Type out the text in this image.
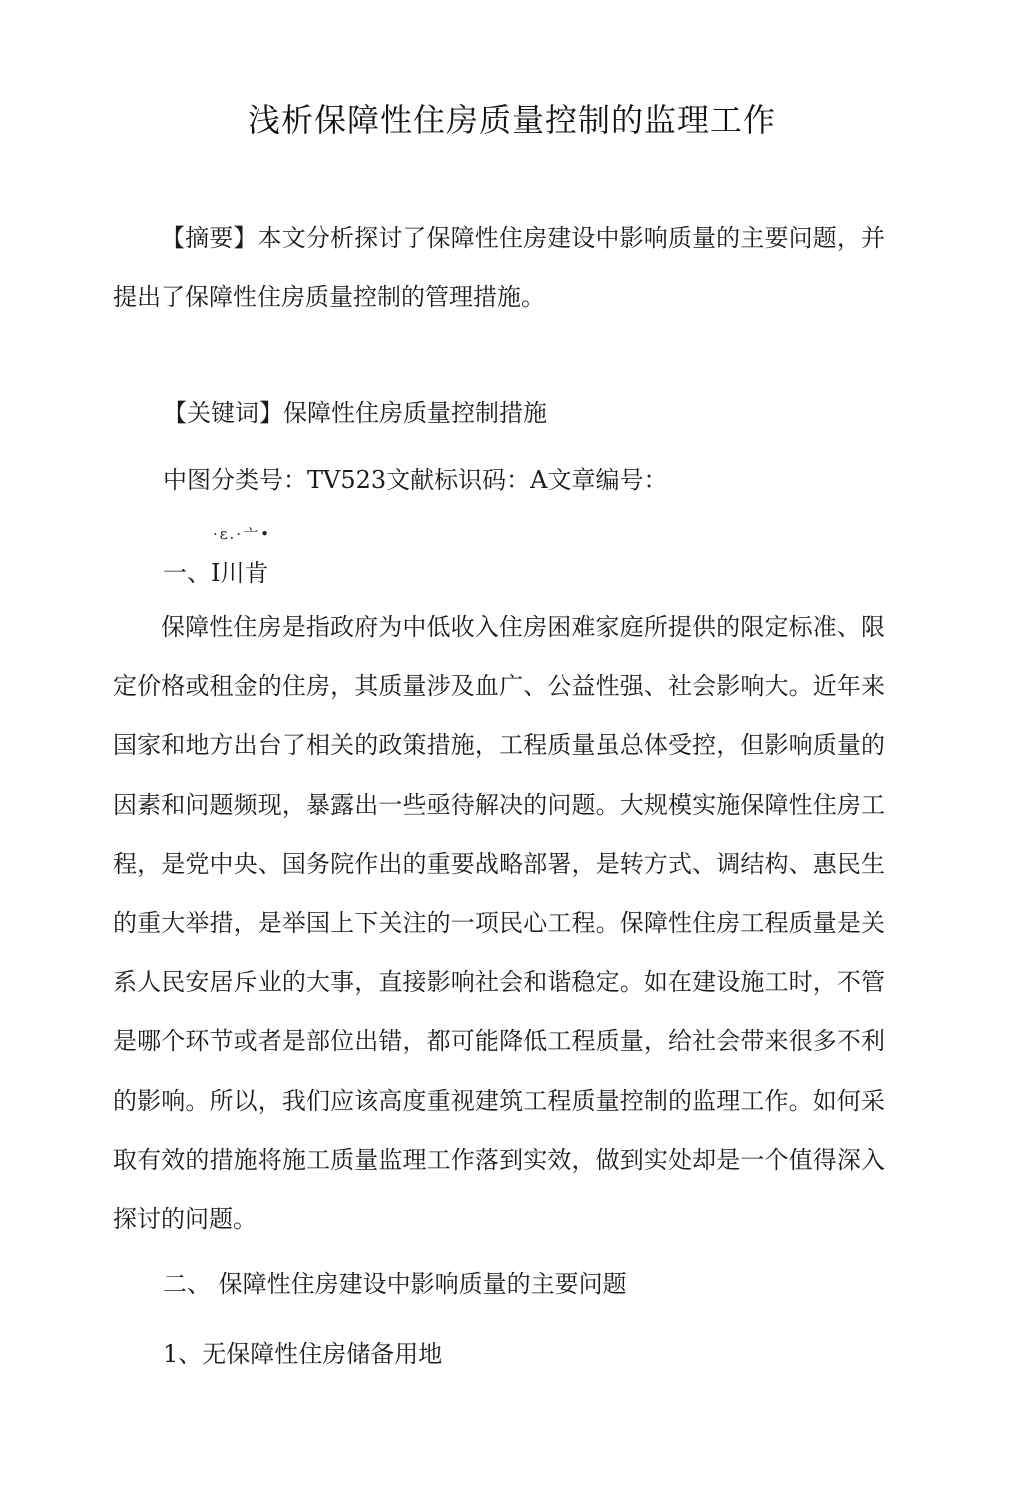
浅析保障性住房质量控制的监理工作

【摘要】本文分析探讨了保障性住房建设中影响质量的主要问题，并提出了保障性住房质量控制的管理措施。

【关键词】保障性住房质量控制措施
中图分类号：TV523文献标识码：A文章编号：
·ε.·亠•
一、I川肯

保障性住房是指政府为中低收入住房困难家庭所提供的限定标准、限定价格或租金的住房，其质量涉及血广、公益性强、社会影响大。近年来国家和地方出台了相关的政策措施，工程质量虽总体受控，但影响质量的因素和问题频现，暴露出一些亟待解决的问题。大规模实施保障性住房工程，是党中央、国务院作出的重要战略部署，是转方式、调结构、惠民生的重大举措，是举国上下关注的一项民心工程。保障性住房工程质量是关系人民安居斥业的大事，直接影响社会和谐稳定。如在建设施工时，不管是哪个环节或者是部位出错，都可能降低工程质量，给社会带来很多不利的影响。所以，我们应该高度重视建筑工程质量控制的监理工作。如何采取有效的措施将施工质量监理工作落到实效，做到实处却是一个值得深入探讨的问题。

二、 保障性住房建设中影响质量的主要问题
1、无保障性住房储备用地
